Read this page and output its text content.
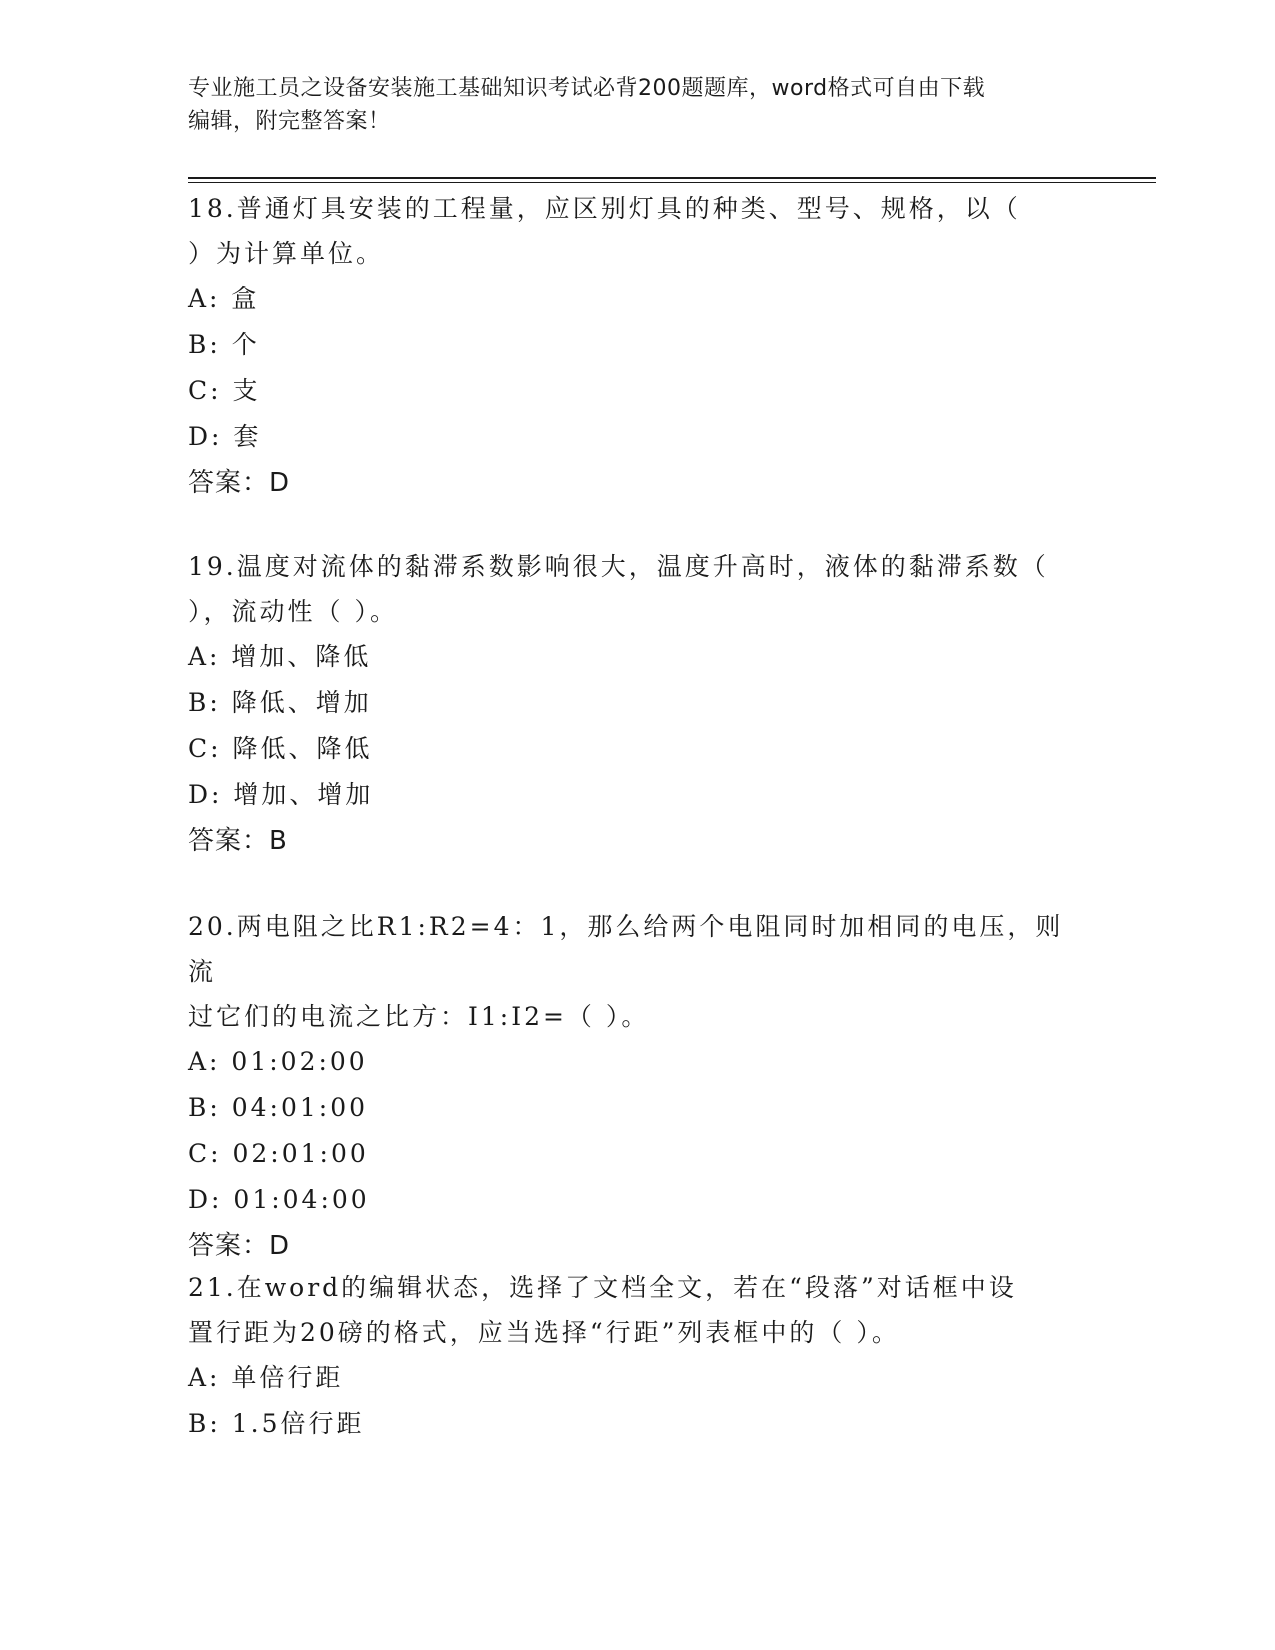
专业施工员之设备安装施工基础知识考试必背200题题库，word格式可自由下载
编辑，附完整答案！
18.普通灯具安装的工程量，应区别灯具的种类、型号、规格，以（
）为计算单位。
A: 盒
B: 个
C: 支
D: 套
答案：D
19.温度对流体的黏滞系数影响很大，温度升高时，液体的黏滞系数（
），流动性（ ）。
A: 增加、降低
B: 降低、增加
C: 降低、降低
D: 增加、增加
答案：B
20.两电阻之比R1:R2=4：1，那么给两个电阻同时加相同的电压，则流
过它们的电流之比方：I1:I2=（ ）。
A: 01:02:00
B: 04:01:00
C: 02:01:00
D: 01:04:00
答案：D
21.在word的编辑状态，选择了文档全文，若在“段落”对话框中设
置行距为20磅的格式，应当选择“行距”列表框中的（ ）。
A: 单倍行距
B: 1.5倍行距
